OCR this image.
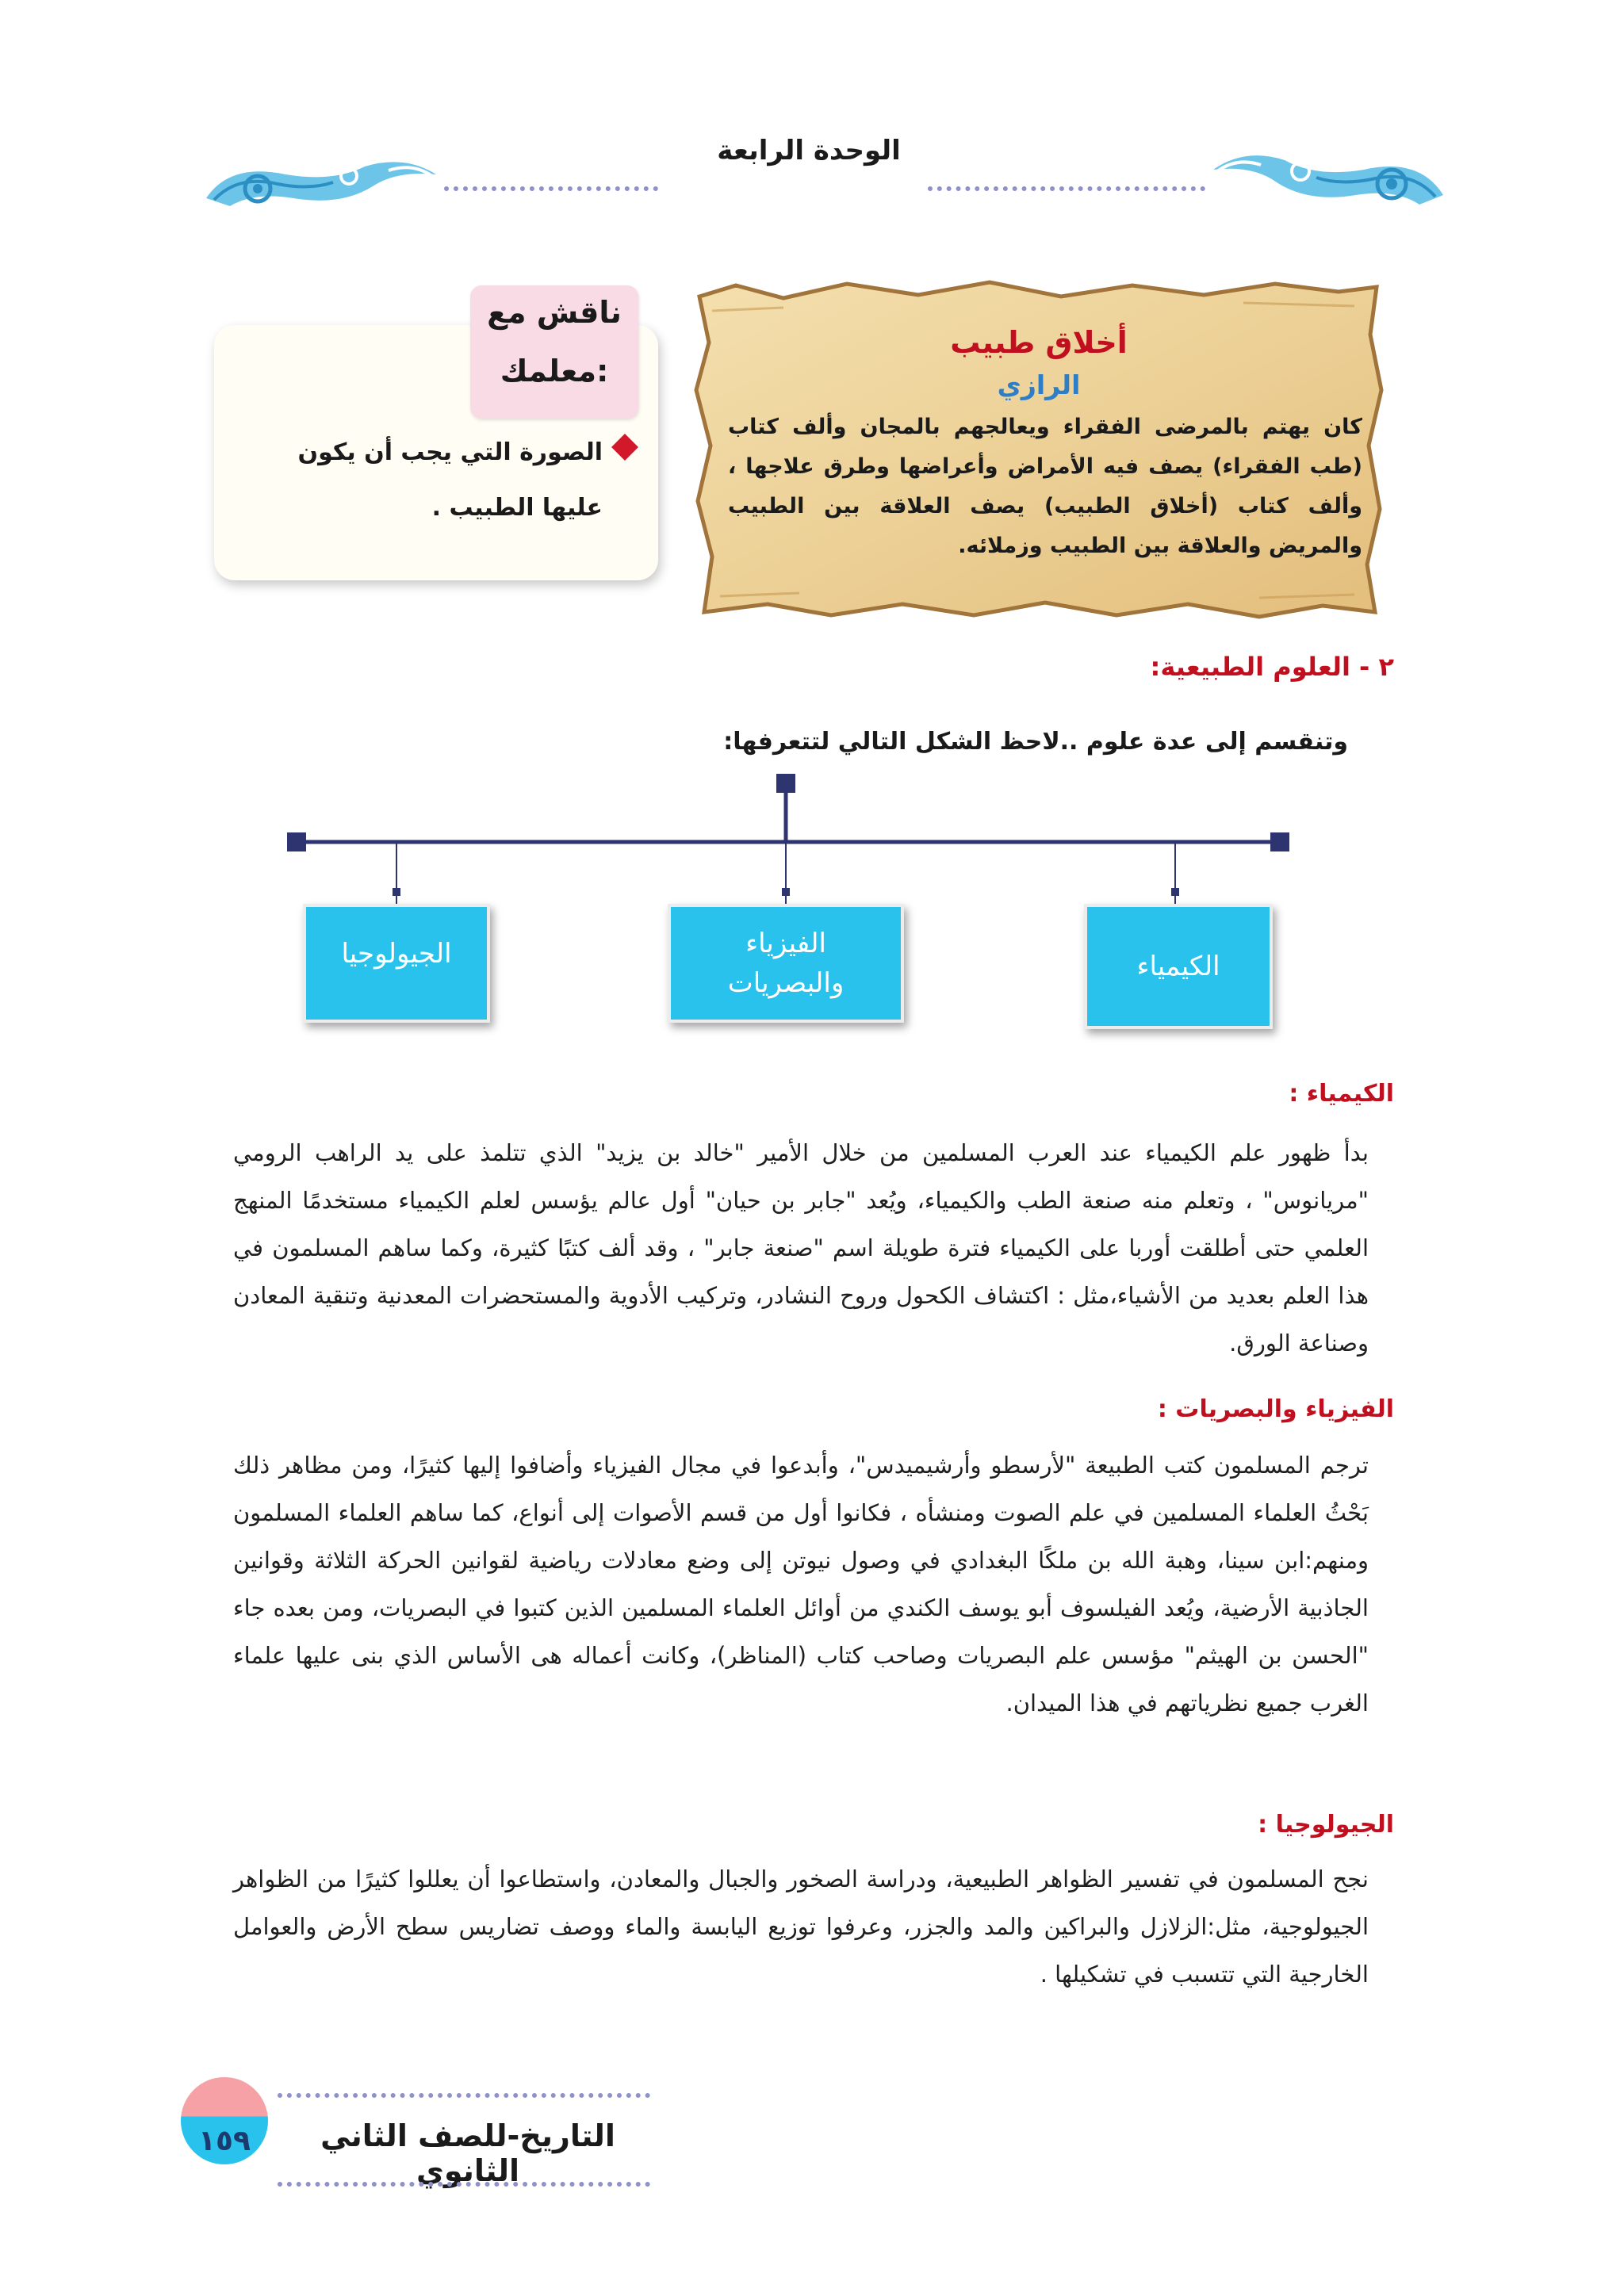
الوحدة الرابعة
أخلاق طبيب
الرازي
كان يهتم بالمرضى الفقراء ويعالجهم بالمجان وألف كتاب (طب الفقراء) يصف فيه الأمراض وأعراضها وطرق علاجها ، وألف كتاب (أخلاق الطبيب) يصف العلاقة بين الطبيب والمريض والعلاقة بين الطبيب وزملائه.
ناقش مع
معلمك:
الصورة التي يجب أن يكون عليها الطبيب .
٢ - العلوم الطبيعية:
وتنقسم إلى عدة علوم ..لاحظ الشكل التالي لتتعرفها:
الكيمياء
الفيزياء والبصريات
الجيولوجيا
الكيمياء :
بدأ ظهور علم الكيمياء عند العرب المسلمين من خلال الأمير "خالد بن يزيد" الذي تتلمذ على يد الراهب الرومي "مريانوس" ، وتعلم منه صنعة الطب والكيمياء، ويُعد "جابر بن حيان" أول عالم يؤسس لعلم الكيمياء مستخدمًا المنهج العلمي حتى أطلقت أوربا على الكيمياء فترة طويلة اسم "صنعة جابر" ، وقد ألف كتبًا كثيرة، وكما ساهم المسلمون في هذا العلم بعديد من الأشياء،مثل : اكتشاف الكحول وروح النشادر، وتركيب الأدوية والمستحضرات المعدنية وتنقية المعادن وصناعة الورق.
الفيزياء والبصريات :
ترجم المسلمون كتب الطبيعة "لأرسطو وأرشيميدس"، وأبدعوا في مجال الفيزياء وأضافوا إليها كثيرًا، ومن مظاهر ذلك بَحْثُ العلماء المسلمين في علم الصوت ومنشأه ، فكانوا أول من قسم الأصوات إلى أنواع، كما ساهم العلماء المسلمون ومنهم:ابن سينا، وهبة الله بن ملكًا البغدادي في وصول نيوتن إلى وضع معادلات رياضية لقوانين الحركة الثلاثة وقوانين الجاذبية الأرضية، ويُعد الفيلسوف أبو يوسف الكندي من أوائل العلماء المسلمين الذين كتبوا في البصريات، ومن بعده جاء "الحسن بن الهيثم" مؤسس علم البصريات وصاحب كتاب (المناظر)، وكانت أعماله هى الأساس الذي بنى عليها علماء الغرب جميع نظرياتهم في هذا الميدان.
الجيولوجيا :
نجح المسلمون في تفسير الظواهر الطبيعية، ودراسة الصخور والجبال والمعادن، واستطاعوا أن يعللوا كثيرًا من الظواهر الجيولوجية، مثل:الزلازل والبراكين والمد والجزر، وعرفوا توزيع اليابسة والماء ووصف تضاريس سطح الأرض والعوامل الخارجية التي تتسبب في تشكيلها .
١٥٩	التاريخ-للصف الثاني الثانوي
